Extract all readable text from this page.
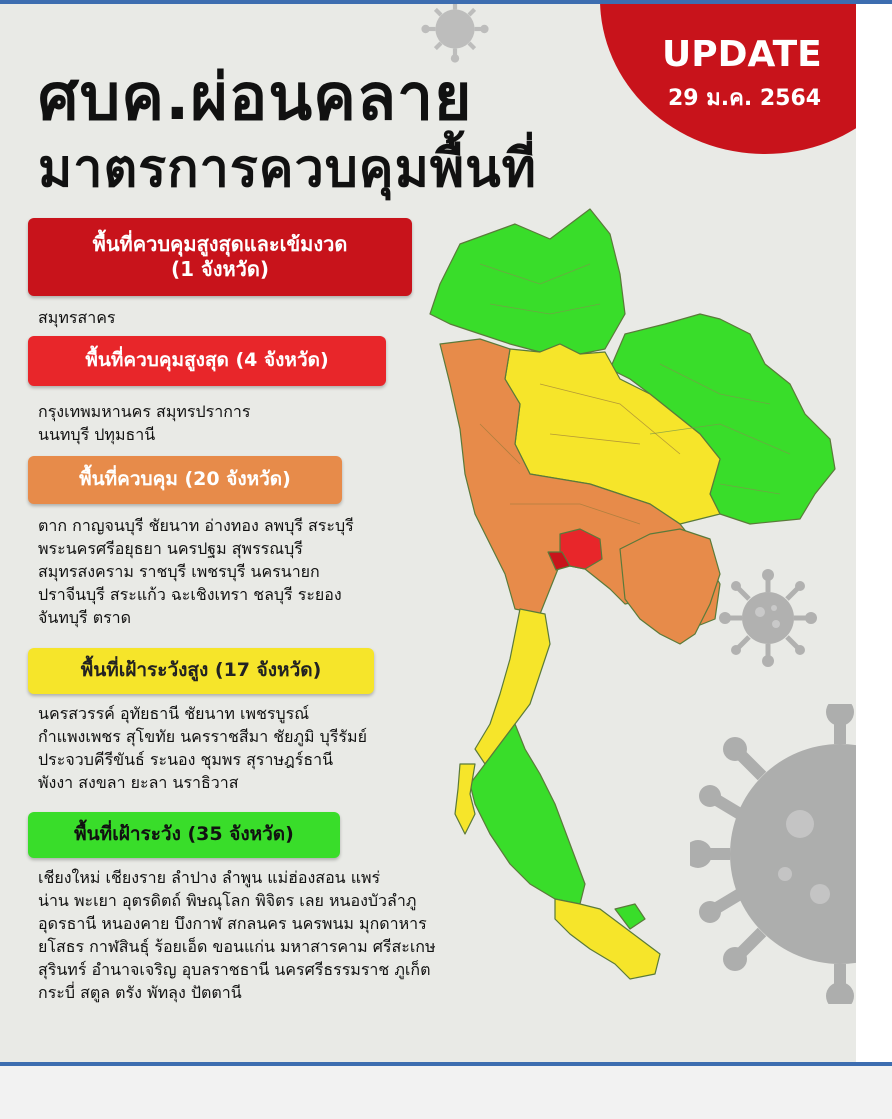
UPDATE
29 ม.ค. 2564
ศบค.ผ่อนคลาย
มาตรการควบคุมพื้นที่
พื้นที่ควบคุมสูงสุดและเข้มงวด
(1 จังหวัด)
สมุทรสาคร
พื้นที่ควบคุมสูงสุด (4 จังหวัด)
กรุงเทพมหานคร สมุทรปราการ
นนทบุรี ปทุมธานี
พื้นที่ควบคุม (20 จังหวัด)
ตาก กาญจนบุรี ชัยนาท อ่างทอง ลพบุรี สระบุรี
พระนครศรีอยุธยา นครปฐม สุพรรณบุรี
สมุทรสงคราม ราชบุรี เพชรบุรี นครนายก
ปราจีนบุรี สระแก้ว ฉะเชิงเทรา ชลบุรี ระยอง
จันทบุรี ตราด
พื้นที่เฝ้าระวังสูง (17 จังหวัด)
นครสวรรค์ อุทัยธานี ชัยนาท เพชรบูรณ์
กำแพงเพชร สุโขทัย นครราชสีมา ชัยภูมิ บุรีรัมย์
ประจวบคีรีขันธ์ ระนอง ชุมพร สุราษฎร์ธานี
พังงา สงขลา ยะลา นราธิวาส
พื้นที่เฝ้าระวัง (35 จังหวัด)
เชียงใหม่ เชียงราย ลำปาง ลำพูน แม่ฮ่องสอน แพร่
น่าน พะเยา อุตรดิตถ์ พิษณุโลก พิจิตร เลย หนองบัวลำภู
อุดรธานี หนองคาย บึงกาฬ สกลนคร นครพนม มุกดาหาร
ยโสธร กาฬสินธุ์ ร้อยเอ็ด ขอนแก่น มหาสารคาม ศรีสะเกษ
สุรินทร์ อำนาจเจริญ อุบลราชธานี นครศรีธรรมราช ภูเก็ต
กระบี่ สตูล ตรัง พัทลุง ปัตตานี
